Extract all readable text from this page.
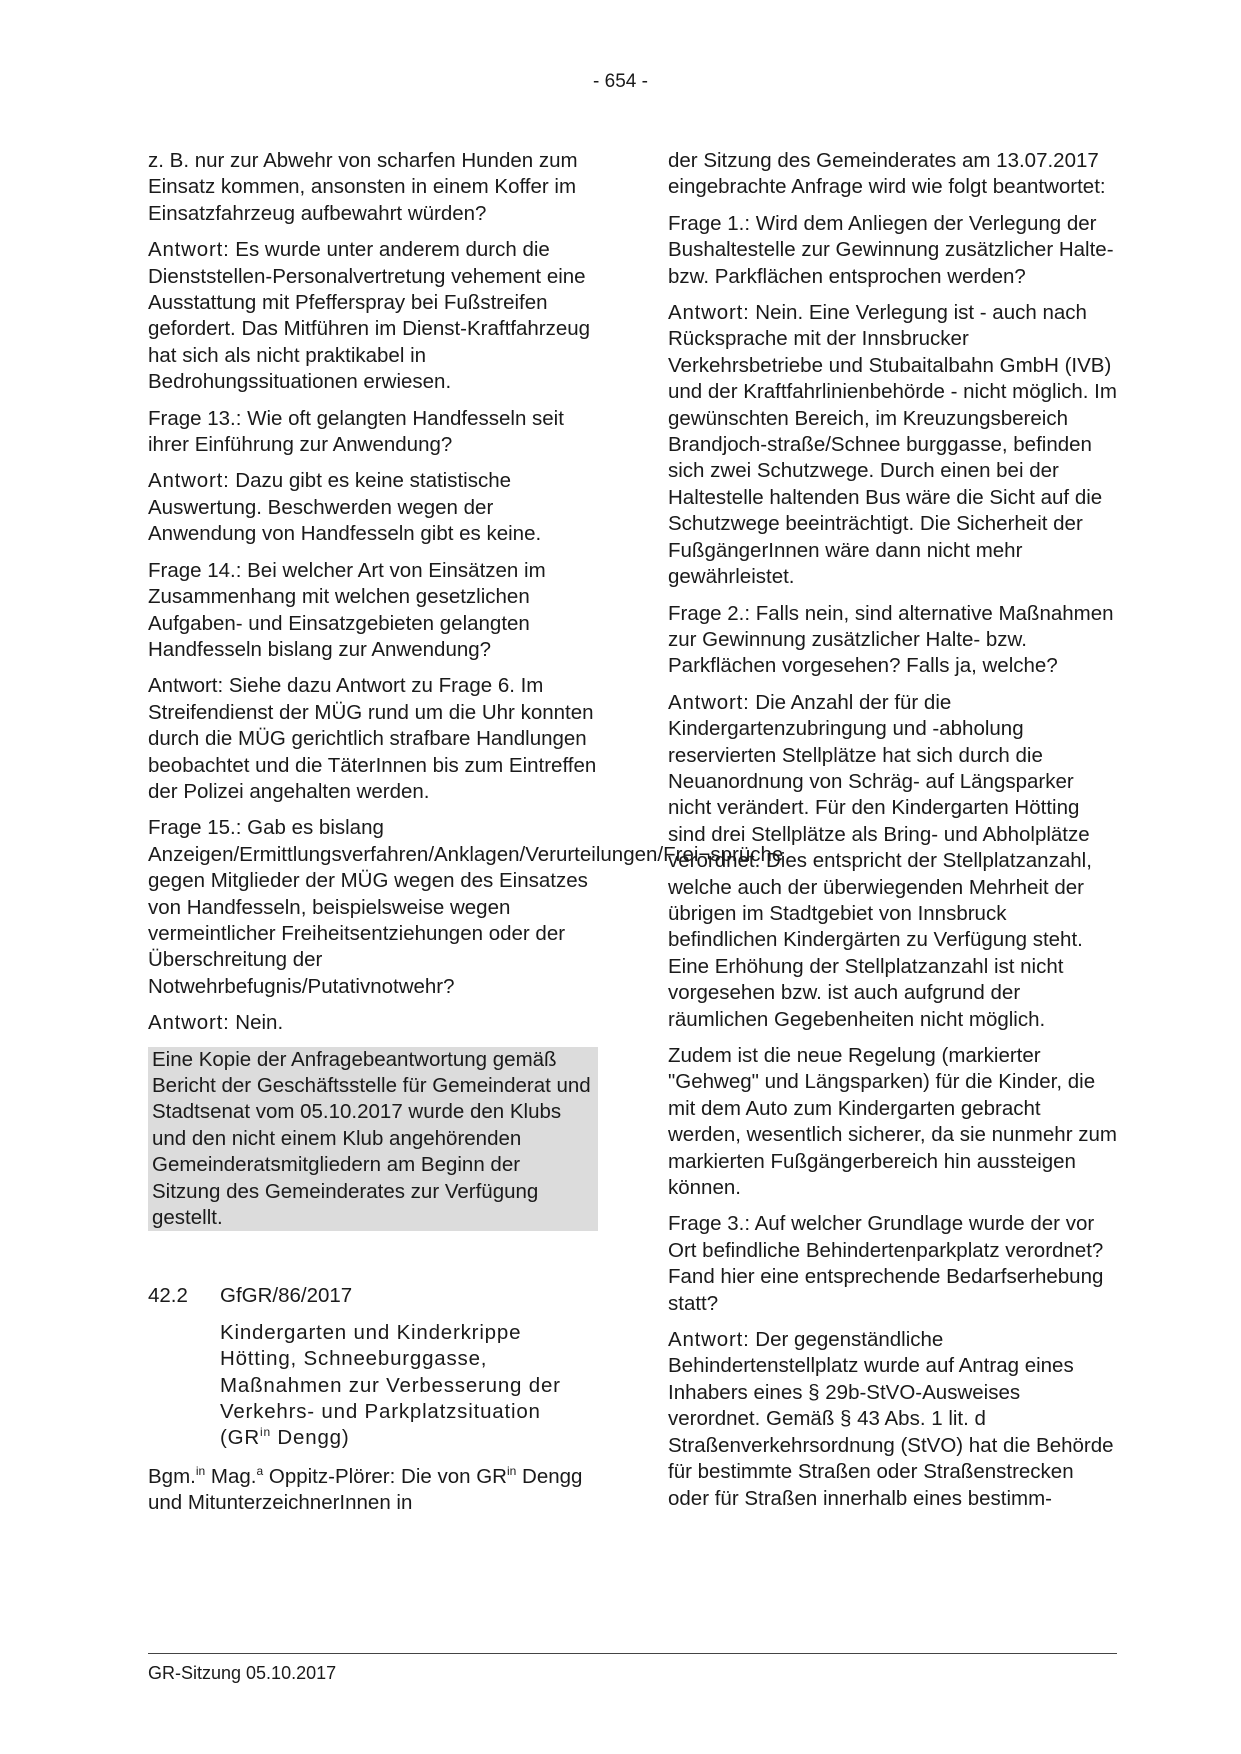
- 654 -

z. B. nur zur Abwehr von scharfen Hunden zum Einsatz kommen, ansonsten in einem Koffer im Einsatzfahrzeug aufbewahrt würden?

Antwort: Es wurde unter anderem durch die Dienststellen-Personalvertretung vehement eine Ausstattung mit Pfefferspray bei Fußstreifen gefordert. Das Mitführen im Dienst-Kraftfahrzeug hat sich als nicht praktikabel in Bedrohungssituationen erwiesen.

Frage 13.: Wie oft gelangten Handfesseln seit ihrer Einführung zur Anwendung?

Antwort: Dazu gibt es keine statistische Auswertung. Beschwerden wegen der Anwendung von Handfesseln gibt es keine.

Frage 14.: Bei welcher Art von Einsätzen im Zusammenhang mit welchen gesetzlichen Aufgaben- und Einsatzgebieten gelangten Handfesseln bislang zur Anwendung?

Antwort: Siehe dazu Antwort zu Frage 6. Im Streifendienst der MÜG rund um die Uhr konnten durch die MÜG gerichtlich strafbare Handlungen beobachtet und die TäterInnen bis zum Eintreffen der Polizei angehalten werden.

Frage 15.: Gab es bislang Anzeigen/Ermittlungsverfahren/Anklagen/Verurteilungen/Frei¬sprüche gegen Mitglieder der MÜG wegen des Einsatzes von Handfesseln, beispielsweise wegen vermeintlicher Freiheitsentziehungen oder der Überschreitung der Notwehrbefugnis/Putativnotwehr?

Antwort: Nein.

Eine Kopie der Anfragebeantwortung gemäß Bericht der Geschäftsstelle für Gemeinderat und Stadtsenat vom 05.10.2017 wurde den Klubs und den nicht einem Klub angehörenden Gemeinderatsmitgliedern am Beginn der Sitzung des Gemeinderates zur Verfügung gestellt.

42.2	GfGR/86/2017
Kindergarten und Kinderkrippe Hötting, Schneeburggasse, Maßnahmen zur Verbesserung der Verkehrs- und Parkplatzsituation ($GR^{in}$ Dengg)

Bgm.$^{in}$ Mag.$^a$ Oppitz-Plörer: Die von $GR^{in}$ Dengg und MitunterzeichnerInnen in

der Sitzung des Gemeinderates am 13.07.2017 eingebrachte Anfrage wird wie folgt beantwortet:

Frage 1.: Wird dem Anliegen der Verlegung der Bushaltestelle zur Gewinnung zusätzlicher Halte- bzw. Parkflächen entsprochen werden?

Antwort: Nein. Eine Verlegung ist - auch nach Rücksprache mit der Innsbrucker Verkehrsbetriebe und Stubaitalbahn GmbH (IVB) und der Kraftfahrlinienbehörde - nicht möglich. Im gewünschten Bereich, im Kreuzungsbereich Brandjoch-straße/Schnee burggasse, befinden sich zwei Schutzwege. Durch einen bei der Haltestelle haltenden Bus wäre die Sicht auf die Schutzwege beeinträchtigt. Die Sicherheit der FußgängerInnen wäre dann nicht mehr gewährleistet.

Frage 2.: Falls nein, sind alternative Maßnahmen zur Gewinnung zusätzlicher Halte- bzw. Parkflächen vorgesehen? Falls ja, welche?

Antwort: Die Anzahl der für die Kindergartenzubringung und -abholung reservierten Stellplätze hat sich durch die Neuanordnung von Schräg- auf Längsparker nicht verändert. Für den Kindergarten Hötting sind drei Stellplätze als Bring- und Abholplätze verordnet. Dies entspricht der Stellplatzanzahl, welche auch der überwiegenden Mehrheit der übrigen im Stadtgebiet von Innsbruck befindlichen Kindergärten zu Verfügung steht. Eine Erhöhung der Stellplatzanzahl ist nicht vorgesehen bzw. ist auch aufgrund der räumlichen Gegebenheiten nicht möglich.

Zudem ist die neue Regelung (markierter "Gehweg" und Längsparken) für die Kinder, die mit dem Auto zum Kindergarten gebracht werden, wesentlich sicherer, da sie nunmehr zum markierten Fußgängerbereich hin aussteigen können.

Frage 3.: Auf welcher Grundlage wurde der vor Ort befindliche Behindertenparkplatz verordnet? Fand hier eine entsprechende Bedarfserhebung statt?

Antwort: Der gegenständliche Behindertenstellplatz wurde auf Antrag eines Inhabers eines § 29b-StVO-Ausweises verordnet. Gemäß § 43 Abs. 1 lit. d Straßenverkehrsordnung (StVO) hat die Behörde für bestimmte Straßen oder Straßenstrecken oder für Straßen innerhalb eines bestimm-

GR-Sitzung 05.10.2017
